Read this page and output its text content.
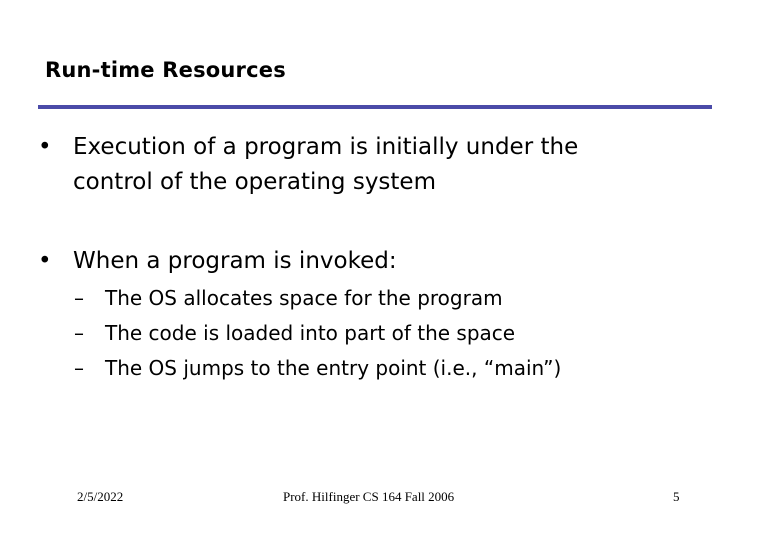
Run-time Resources
• Execution of a program is initially under the
control of the operating system
• When a program is invoked:
– The OS allocates space for the program
– The code is loaded into part of the space
– The OS jumps to the entry point (i.e., “main”)
2/5/2022	Prof. Hilfinger CS 164 Fall 2006	5
